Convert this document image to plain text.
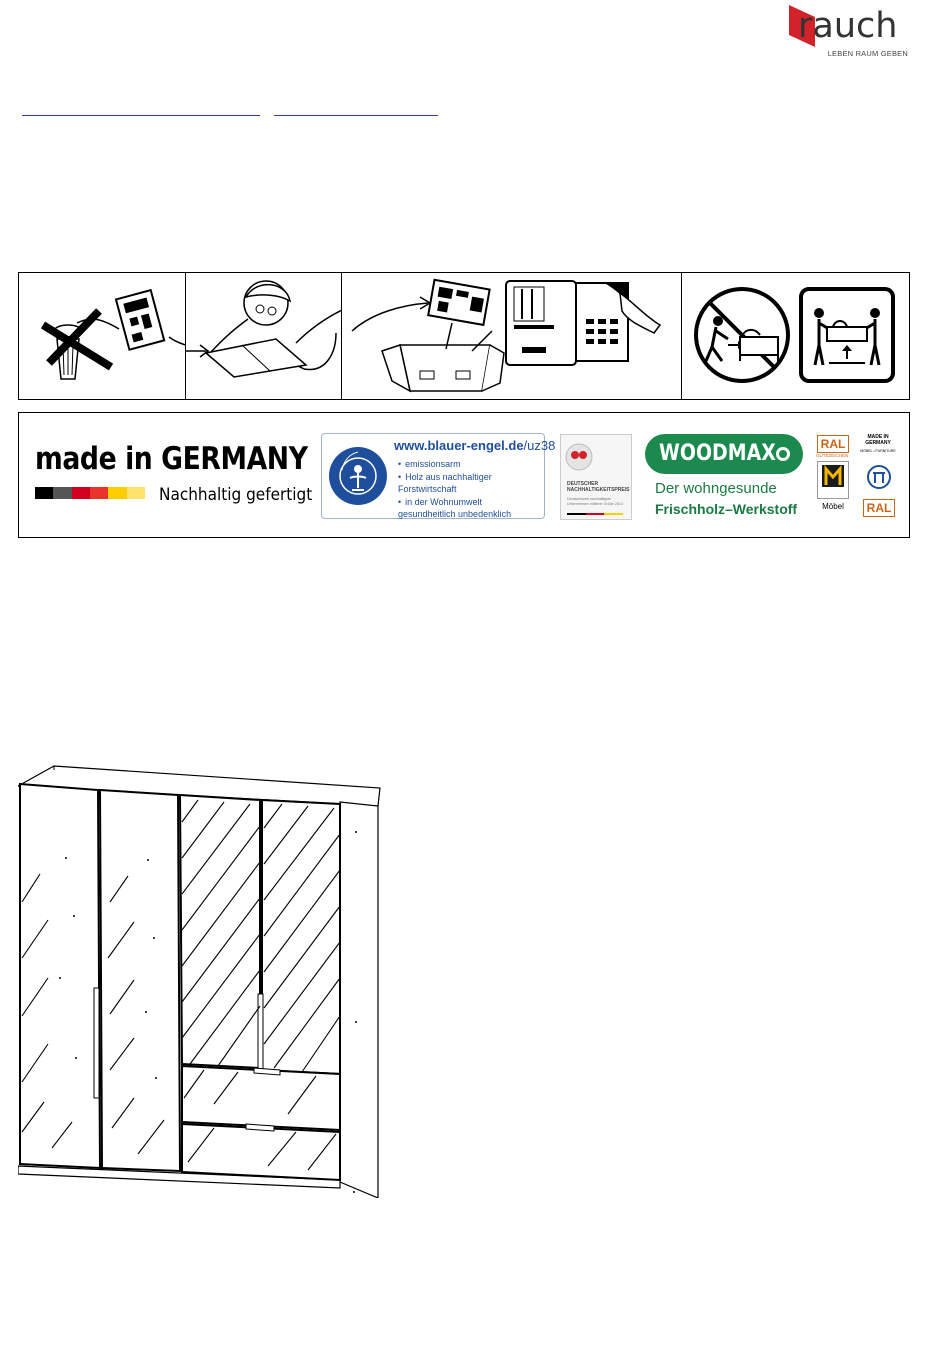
rauch
LEBEN RAUM GEBEN
made in GERMANY
Nachhaltig gefertigt
www.blauer-engel.de/uz38
• emissionsarm
• Holz aus nachhaltiger Forstwirtschaft
• in der Wohnumwelt gesundheitlich unbedenklich
DEUTSCHER
NACHHALTIGKEITSPREIS
Deutschlands nachhaltigste Unternehmen mittlerer Größe 2014
WOODMAX
Der wohngesunde
Frischholz–Werkstoff
RAL
GÜTEZEICHEN
Möbel
MADE IN
GERMANY
MÖBEL • FURNITURE
RAL
